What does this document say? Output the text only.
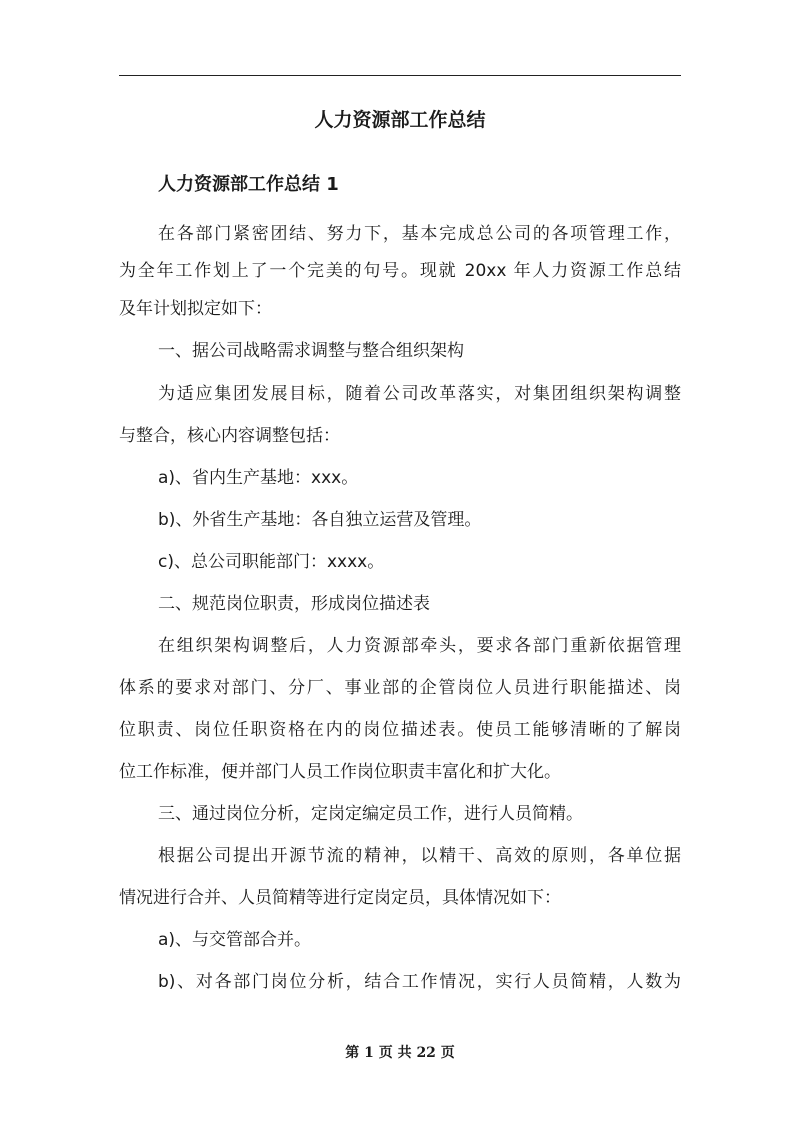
人力资源部工作总结
人力资源部工作总结 1
在各部门紧密团结、努力下，基本完成总公司的各项管理工作，
为全年工作划上了一个完美的句号。现就 20xx 年人力资源工作总结
及年计划拟定如下：
一、据公司战略需求调整与整合组织架构
为适应集团发展目标，随着公司改革落实，对集团组织架构调整
与整合，核心内容调整包括：
a)、省内生产基地：xxx。
b)、外省生产基地：各自独立运营及管理。
c)、总公司职能部门：xxxx。
二、规范岗位职责，形成岗位描述表
在组织架构调整后，人力资源部牵头，要求各部门重新依据管理
体系的要求对部门、分厂、事业部的企管岗位人员进行职能描述、岗
位职责、岗位任职资格在内的岗位描述表。使员工能够清晰的了解岗
位工作标准，便并部门人员工作岗位职责丰富化和扩大化。
三、通过岗位分析，定岗定编定员工作，进行人员简精。
根据公司提出开源节流的精神，以精干、高效的原则，各单位据
情况进行合并、人员简精等进行定岗定员，具体情况如下：
a)、与交管部合并。
b)、对各部门岗位分析，结合工作情况，实行人员简精，人数为
第 1 页 共 22 页
